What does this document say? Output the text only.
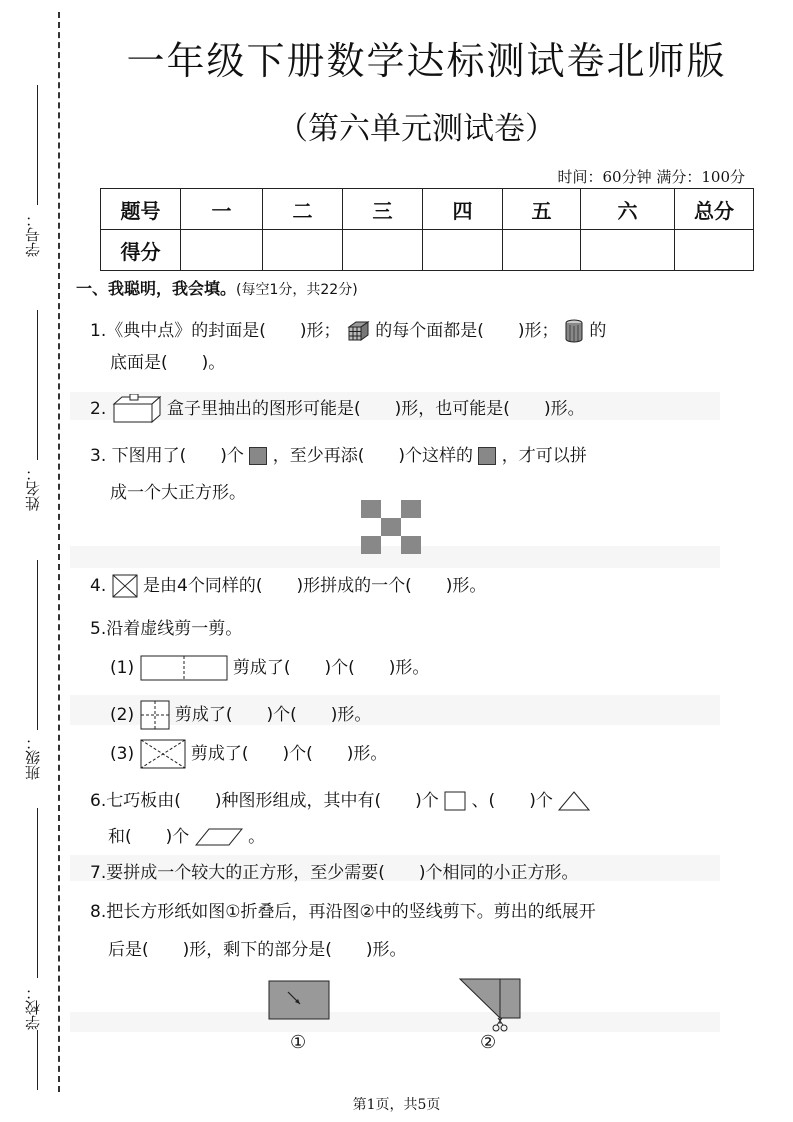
学号：
姓名：
班级：
学校：
一年级下册数学达标测试卷北师版
（第六单元测试卷）
时间：60分钟 满分：100分
题号	一	二	三	四	五	六	总分
得分							
一、我聪明，我会填。(每空1分，共22分)
1.《典中点》的封面是(　　)形； 的每个面都是(　　)形； 的
底面是(　　)。
2.	盒子里抽出的图形可能是(　　)形，也可能是(　　)形。
3. 下图用了(　　)个 ，至少再添(　　)个这样的 ，才可以拼
成一个大正方形。
4. 是由4个同样的(　　)形拼成的一个(　　)形。
5.沿着虚线剪一剪。
(1)	剪成了(　　)个(　　)形。
(2) 剪成了(　　)个(　　)形。
(3)	剪成了(　　)个(　　)形。
6.七巧板由(　　)种图形组成，其中有(　　)个 、(　　)个
和(　　)个	。
7.要拼成一个较大的正方形，至少需要(　　)个相同的小正方形。
8.把长方形纸如图①折叠后，再沿图②中的竖线剪下。剪出的纸展开
后是(　　)形，剩下的部分是(　　)形。
①	②
第1页，共5页
